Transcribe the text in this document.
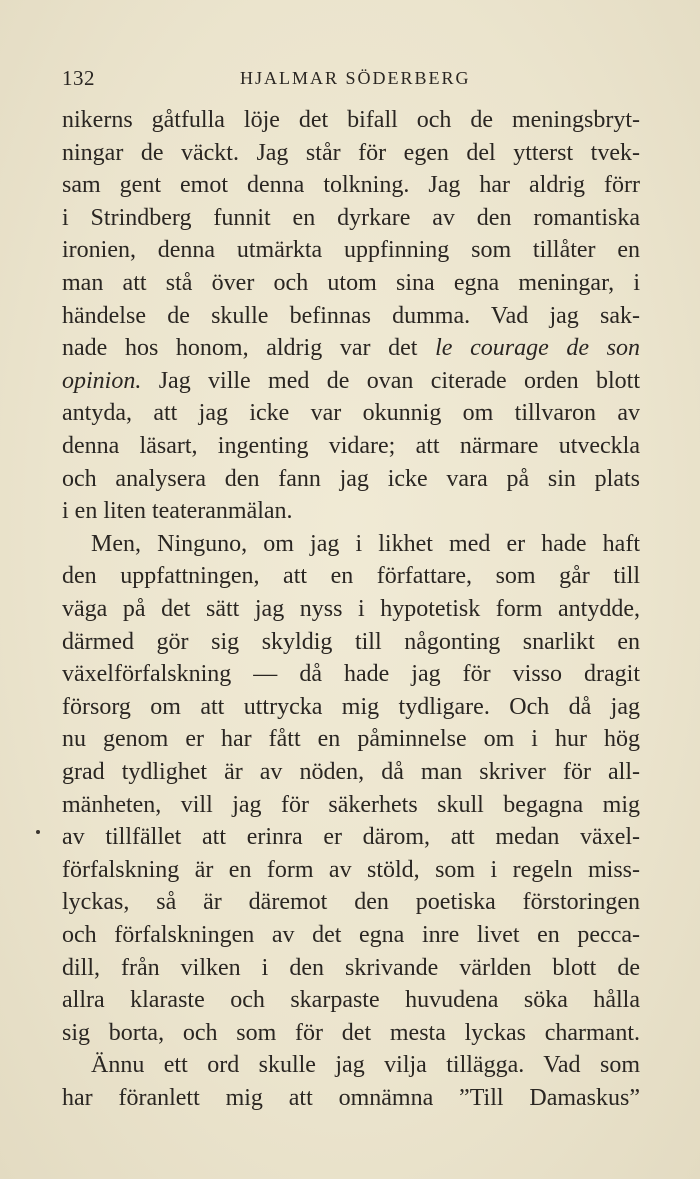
132	HJALMAR SÖDERBERG
nikerns gåtfulla löje det bifall och de meningsbryt-
ningar de väckt. Jag står för egen del ytterst tvek-
sam gent emot denna tolkning. Jag har aldrig förr
i Strindberg funnit en dyrkare av den romantiska
ironien, denna utmärkta uppfinning som tillåter en
man att stå över och utom sina egna meningar, i
händelse de skulle befinnas dumma. Vad jag sak-
nade hos honom, aldrig var det le courage de son
opinion. Jag ville med de ovan citerade orden blott
antyda, att jag icke var okunnig om tillvaron av
denna läsart, ingenting vidare; att närmare utveckla
och analysera den fann jag icke vara på sin plats
i en liten teateranmälan.
Men, Ninguno, om jag i likhet med er hade haft
den uppfattningen, att en författare, som går till
väga på det sätt jag nyss i hypotetisk form antydde,
därmed gör sig skyldig till någonting snarlikt en
växelförfalskning — då hade jag för visso dragit
försorg om att uttrycka mig tydligare. Och då jag
nu genom er har fått en påminnelse om i hur hög
grad tydlighet är av nöden, då man skriver för all-
mänheten, vill jag för säkerhets skull begagna mig
av tillfället att erinra er därom, att medan växel-
förfalskning är en form av stöld, som i regeln miss-
lyckas, så är däremot den poetiska förstoringen
och förfalskningen av det egna inre livet en pecca-
dill, från vilken i den skrivande världen blott de
allra klaraste och skarpaste huvudena söka hålla
sig borta, och som för det mesta lyckas charmant.
Ännu ett ord skulle jag vilja tillägga. Vad som
har föranlett mig att omnämna ”Till Damaskus”
